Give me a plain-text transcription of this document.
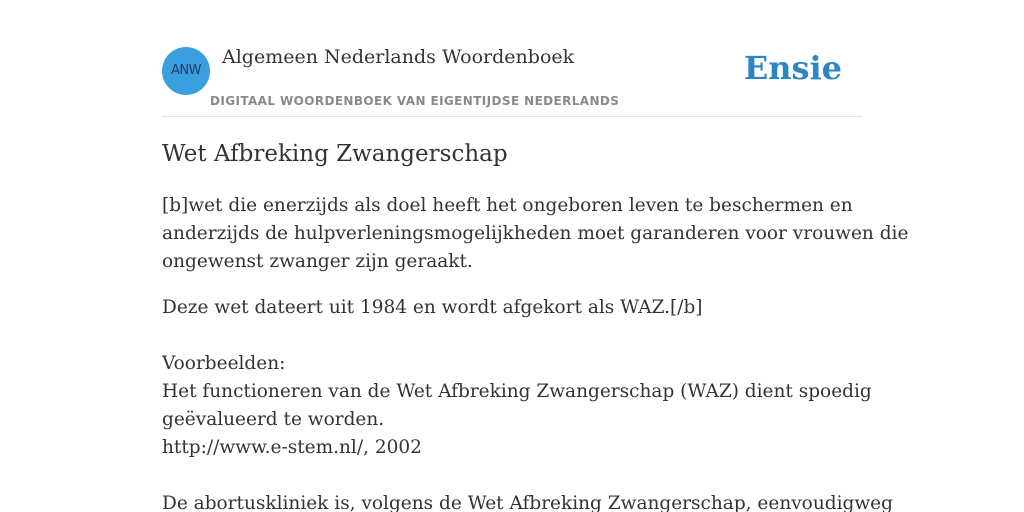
ANW
Algemeen Nederlands Woordenboek
DIGITAAL WOORDENBOEK VAN EIGENTIJDSE NEDERLANDS
Ensie
Wet Afbreking Zwangerschap

[b]wet die enerzijds als doel heeft het ongeboren leven te beschermen en
anderzijds de hulpverleningsmogelijkheden moet garanderen voor vrouwen die
ongewenst zwanger zijn geraakt.

Deze wet dateert uit 1984 en wordt afgekort als WAZ.[/b]
Voorbeelden:
Het functioneren van de Wet Afbreking Zwangerschap (WAZ) dient spoedig
geëvalueerd te worden.
http://www.e-stem.nl/, 2002
De abortuskliniek is, volgens de Wet Afbreking Zwangerschap, eenvoudigweg
